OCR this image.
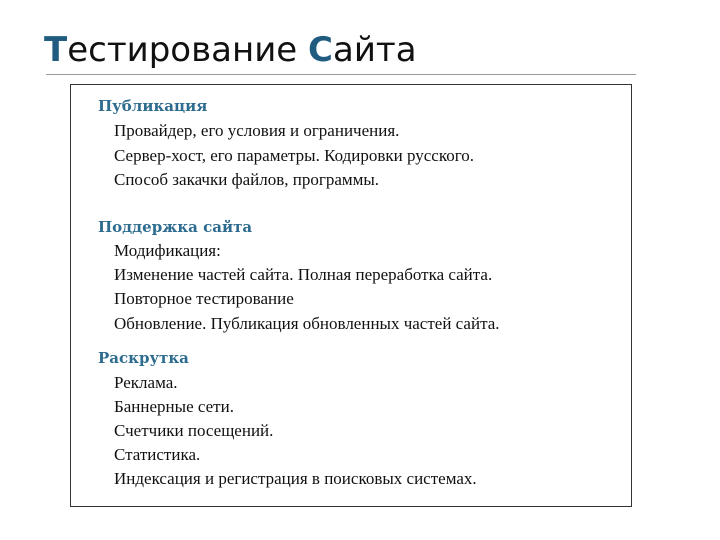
Тестирование Сайта
Публикация
Провайдер, его условия и ограничения.
Сервер-хост, его параметры. Кодировки русского.
Способ закачки файлов, программы.
Поддержка сайта
Модификация:
Изменение частей сайта. Полная переработка сайта.
Повторное тестирование
Обновление. Публикация обновленных частей сайта.
Раскрутка
Реклама.
Баннерные сети.
Счетчики посещений.
Статистика.
Индексация и регистрация в поисковых системах.
